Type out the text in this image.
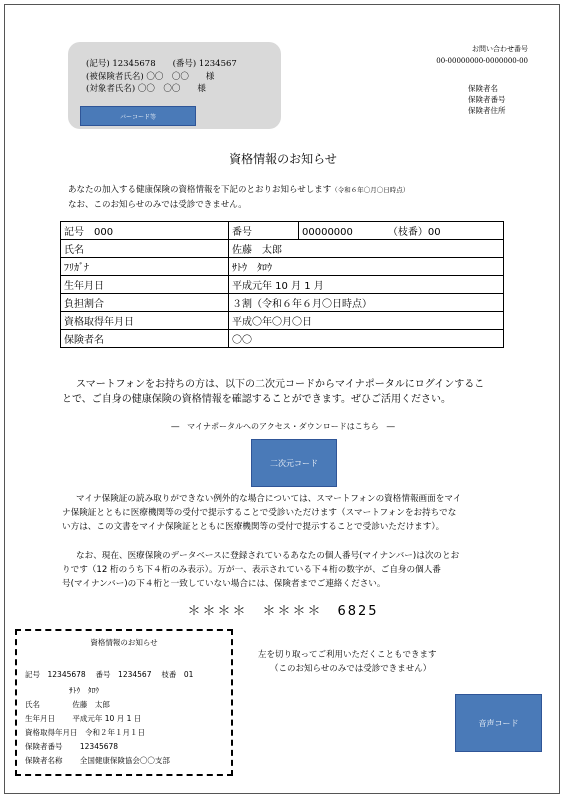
(記号) 12345678　　(番号) 1234567
(被保険者氏名) 〇〇　〇〇　　様
(対象者氏名) 〇〇　〇〇　　様
バーコード等
お問い合わせ番号
00-00000000-0000000-00
保険者名
保険者番号
保険者住所
資格情報のお知らせ
あなたの加入する健康保険の資格情報を下記のとおりお知らせします（令和６年〇月〇日時点）
なお、このお知らせのみでは受診できません。
記号　 000	番号	00000000　　　　 （枝番）00
氏名	佐藤　太郎	
ﾌﾘｶﾞﾅ	ｻﾄｳ　ﾀﾛｳ	
生年月日	平成元年 10 月 1 月	
負担割合	３割（令和６年６月〇日時点）	
資格取得年月日	平成〇年〇月〇日	
保険者名	〇〇	
スマートフォンをお持ちの方は、以下の二次元コードからマイナポータルにログインするこ
とで、ご自身の健康保険の資格情報を確認することができます。ぜひご活用ください。
―　マイナポータルへのアクセス・ダウンロードはこちら　―
二次元コード
マイナ保険証の読み取りができない例外的な場合については、スマートフォンの資格情報画面をマイ
ナ保険証とともに医療機関等の受付で提示することで受診いただけます（スマートフォンをお持ちでな
い方は、この文書をマイナ保険証とともに医療機関等の受付で提示することで受診いただけます）。
なお、現在、医療保険のデータベースに登録されているあなたの個人番号(マイナンバー)は次のとお
りです（12 桁のうち下４桁のみ表示）。万が一、表示されている下４桁の数字が、ご自身の個人番
号(マイナンバー)の下４桁と一致していない場合には、保険者までご連絡ください。
＊＊＊＊　＊＊＊＊　6825
資格情報のお知らせ
記号　12345678　 番号　1234567　 枝番　01
ｻﾄｳ　ﾀﾛｳ
氏名　　　　 佐藤　太郎
生年月日　　 平成元年 10 月 1 日
資格取得年月日　令和２年１月１日
保険者番号　　 12345678
保険者名称　　 全国健康保険協会〇〇支部
左を切り取ってご利用いただくこともできます
（このお知らせのみでは受診できません）
音声コード
